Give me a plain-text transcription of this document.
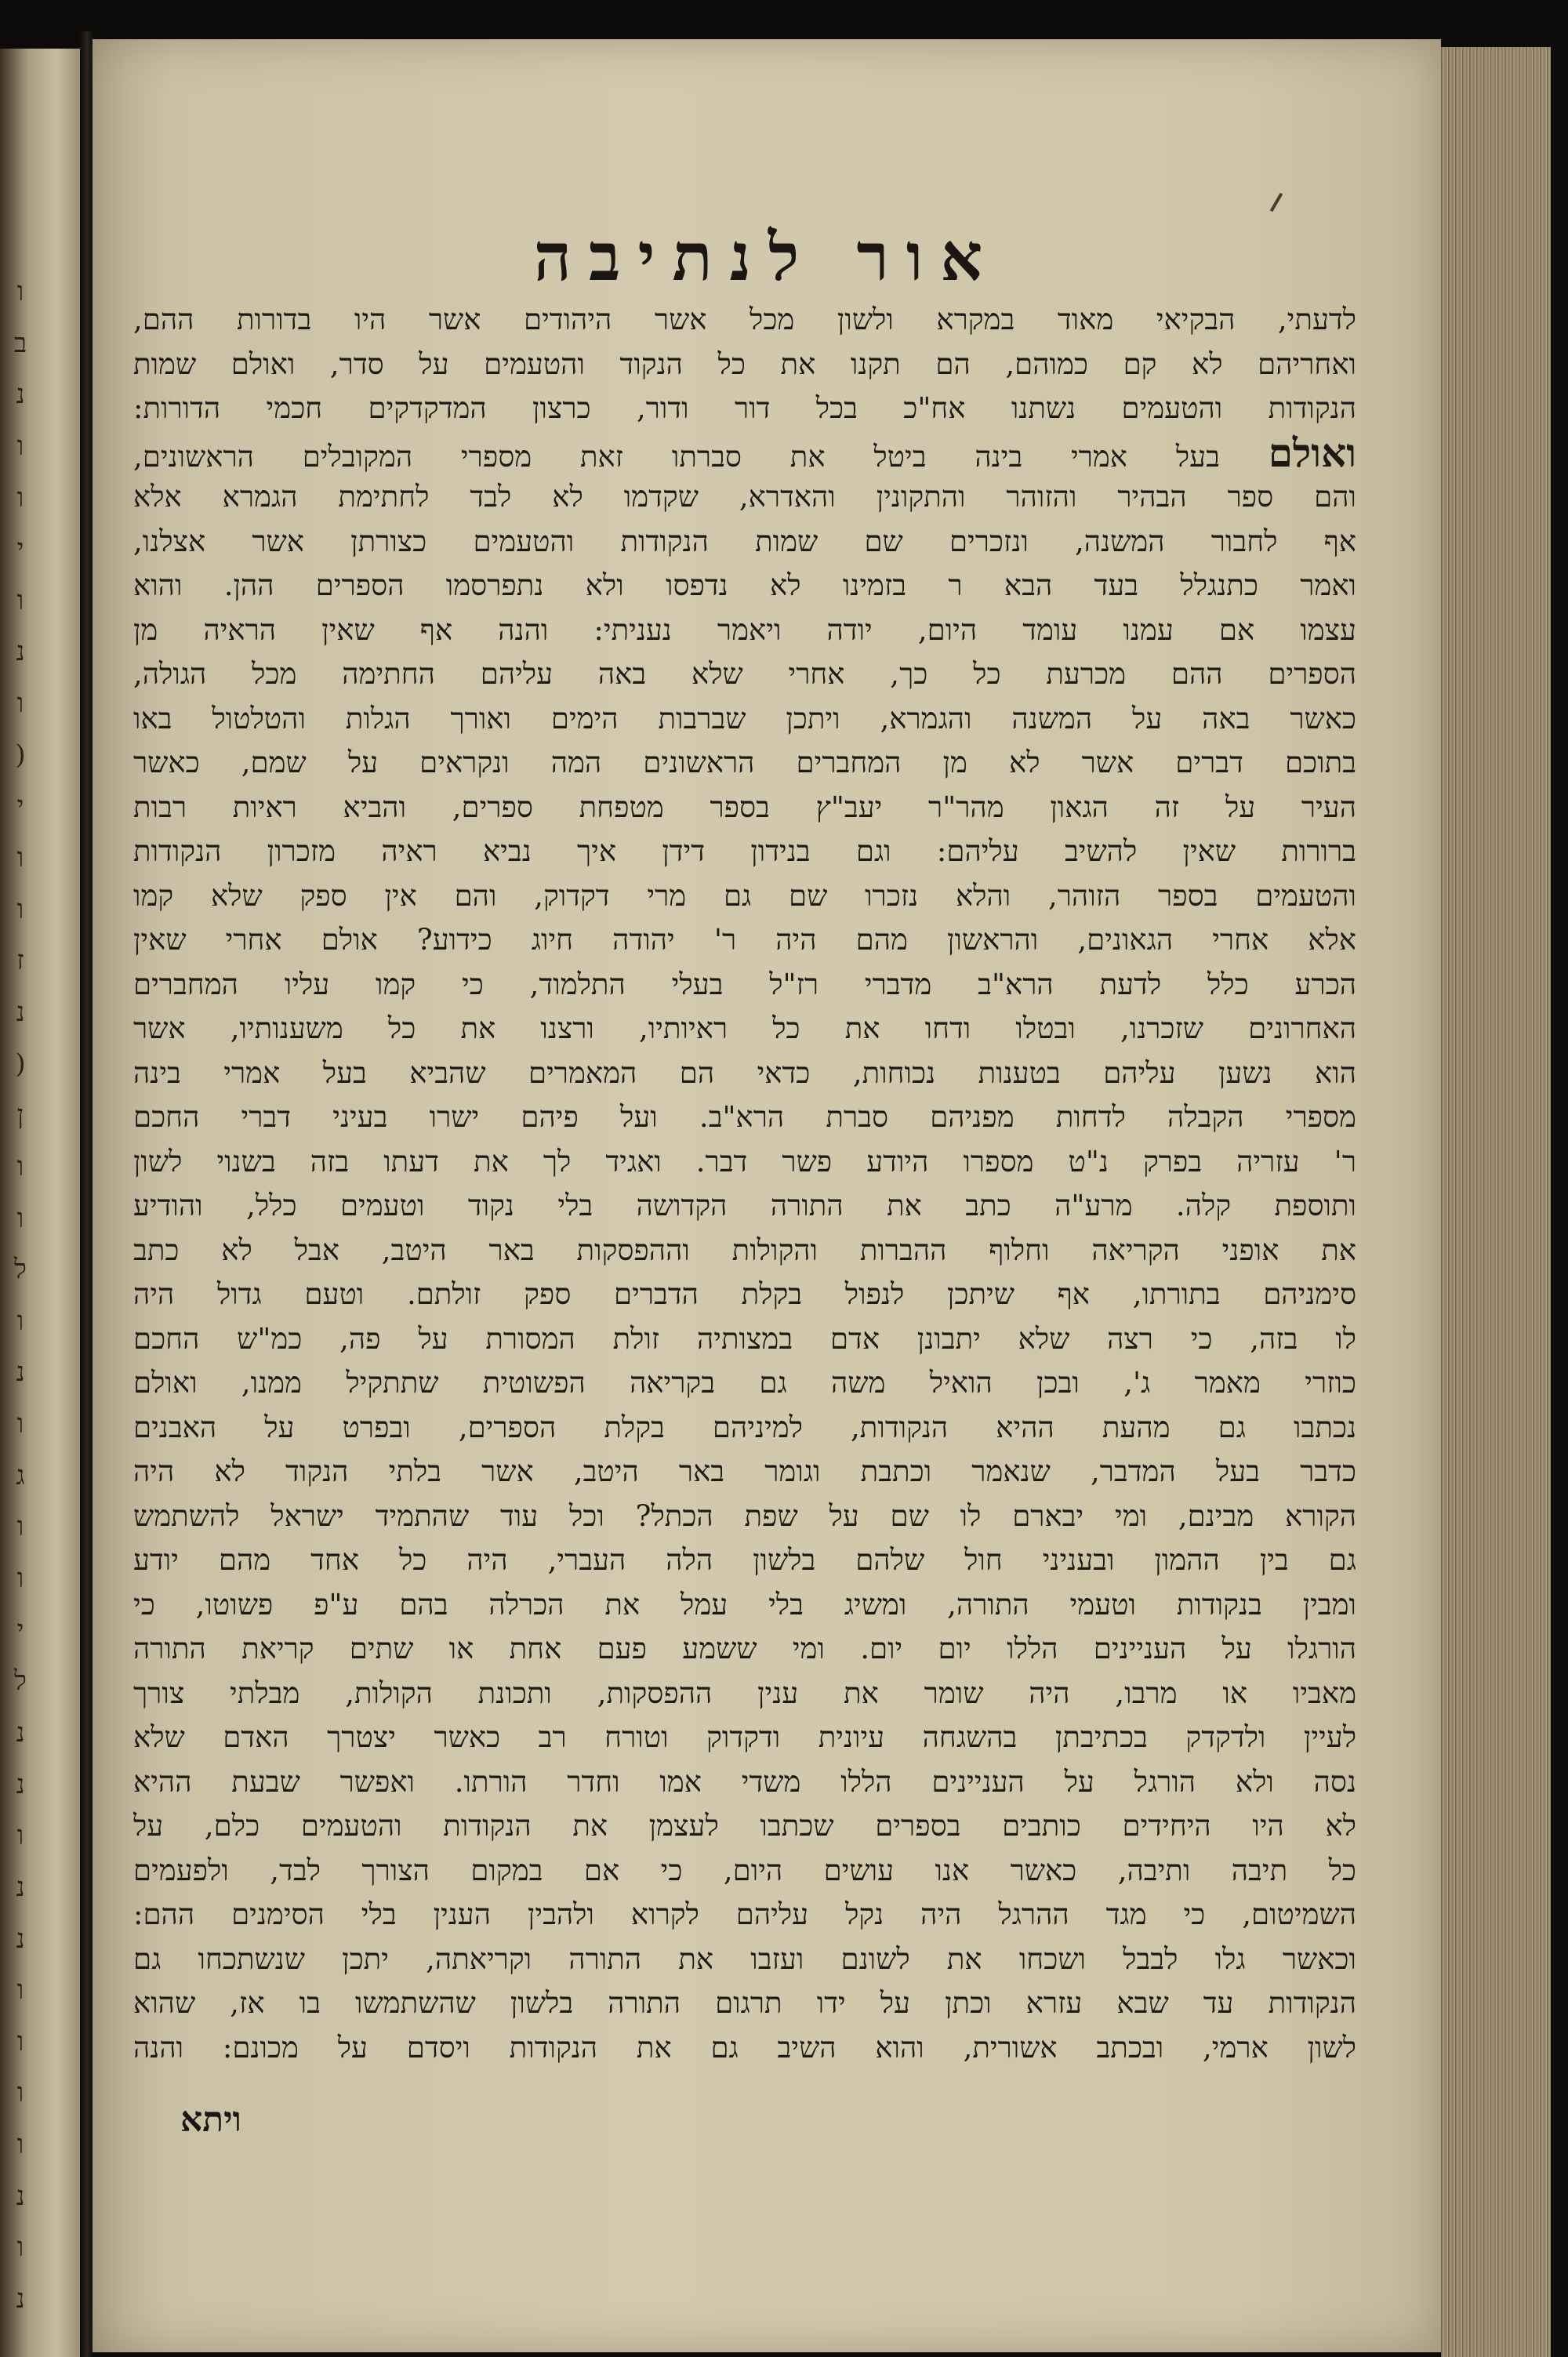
ו
ב
נ
ו
ו
י
ו
נ
ו
(
י
ו
ו
ז
נ
(
ן
ו
ו
ל
ו
נ
ו
ג
ו
ו
י
ל
נ
נ
ו
נ
נ
ו
ו
ו
ו
נ
ו
נ
אור לנתיבה
לדעתי, הבקיאי מאוד במקרא ולשון מכל אשר היהודים אשר היו בדורות ההם,
ואחריהם לא קם כמוהם, הם תקנו את כל הנקוד והטעמים על סדר, ואולם שמות
הנקודות והטעמים נשתנו אח"כ בכל דור ודור, כרצון המדקדקים חכמי הדורות:
ואולם בעל אמרי בינה ביטל את סברתו זאת מספרי המקובלים הראשונים,
והם ספר הבהיר והזוהר והתקונין והאדרא, שקדמו לא לבד לחתימת הגמרא אלא
אף לחבור המשנה, ונזכרים שם שמות הנקודות והטעמים כצורתן אשר אצלנו,
ואמר כתנגלל בעד הבא ר בזמינו לא נדפסו ולא נתפרסמו הספרים ההן. והוא
עצמו אם עמנו עומד היום, יודה ויאמר נעניתי: והנה אף שאין הראיה מן
הספרים ההם מכרעת כל כך, אחרי שלא באה עליהם החתימה מכל הגולה,
כאשר באה על המשנה והגמרא, ויתכן שברבות הימים ואורך הגלות והטלטול באו
בתוכם דברים אשר לא מן המחברים הראשונים המה ונקראים על שמם, כאשר
העיר על זה הגאון מהר"ר יעב"ץ בספר מטפחת ספרים, והביא ראיות רבות
ברורות שאין להשיב עליהם: וגם בנידון דידן איך נביא ראיה מזכרון הנקודות
והטעמים בספר הזוהר, והלא נזכרו שם גם מרי דקדוק, והם אין ספק שלא קמו
אלא אחרי הגאונים, והראשון מהם היה ר' יהודה חיוג כידוע? אולם אחרי שאין
הכרע כלל לדעת הרא"ב מדברי רז"ל בעלי התלמוד, כי קמו עליו המחברים
האחרונים שזכרנו, ובטלו ודחו את כל ראיותיו, ורצנו את כל משענותיו, אשר
הוא נשען עליהם בטענות נכוחות, כדאי הם המאמרים שהביא בעל אמרי בינה
מספרי הקבלה לדחות מפניהם סברת הרא"ב. ועל פיהם ישרו בעיני דברי החכם
ר' עזריה בפרק נ"ט מספרו היודע פשר דבר. ואגיד לך את דעתו בזה בשנוי לשון
ותוספת קלה. מרע"ה כתב את התורה הקדושה בלי נקוד וטעמים כלל, והודיע
את אופני הקריאה וחלוף ההברות והקולות וההפסקות באר היטב, אבל לא כתב
סימניהם בתורתו, אף שיתכן לנפול בקלת הדברים ספק זולתם. וטעם גדול היה
לו בזה, כי רצה שלא יתבונן אדם במצותיה זולת המסורת על פה, כמ"ש החכם
כוזרי מאמר ג', ובכן הואיל משה גם בקריאה הפשוטית שתתקיל ממנו, ואולם
נכתבו גם מהעת ההיא הנקודות, למיניהם בקלת הספרים, ובפרט על האבנים
כדבר בעל המדבר, שנאמר וכתבת וגומר באר היטב, אשר בלתי הנקוד לא היה
הקורא מבינם, ומי יבארם לו שם על שפת הכתל? וכל עוד שהתמיד ישראל להשתמש
גם בין ההמון ובעניני חול שלהם בלשון הלה העברי, היה כל אחד מהם יודע
ומבין בנקודות וטעמי התורה, ומשיג בלי עמל את הכרלה בהם ע"פ פשוטו, כי
הורגלו על העניינים הללו יום יום. ומי ששמע פעם אחת או שתים קריאת התורה
מאביו או מרבו, היה שומר את ענין ההפסקות, ותכונת הקולות, מבלתי צורך
לעיין ולדקדק בכתיבתן בהשגחה עיונית ודקדוק וטורח רב כאשר יצטרך האדם שלא
נסה ולא הורגל על העניינים הללו משדי אמו וחדר הורתו. ואפשר שבעת ההיא
לא היו היחידים כותבים בספרים שכתבו לעצמן את הנקודות והטעמים כלם, על
כל תיבה ותיבה, כאשר אנו עושים היום, כי אם במקום הצורך לבד, ולפעמים
השמיטום, כי מגד ההרגל היה נקל עליהם לקרוא ולהבין הענין בלי הסימנים ההם:
וכאשר גלו לבבל ושכחו את לשונם ועזבו את התורה וקריאתה, יתכן שנשתכחו גם
הנקודות עד שבא עזרא וכתן על ידו תרגום התורה בלשון שהשתמשו בו אז, שהוא
לשון ארמי, ובכתב אשורית, והוא השיב גם את הנקודות ויסדם על מכונם: והנה
ויתא
